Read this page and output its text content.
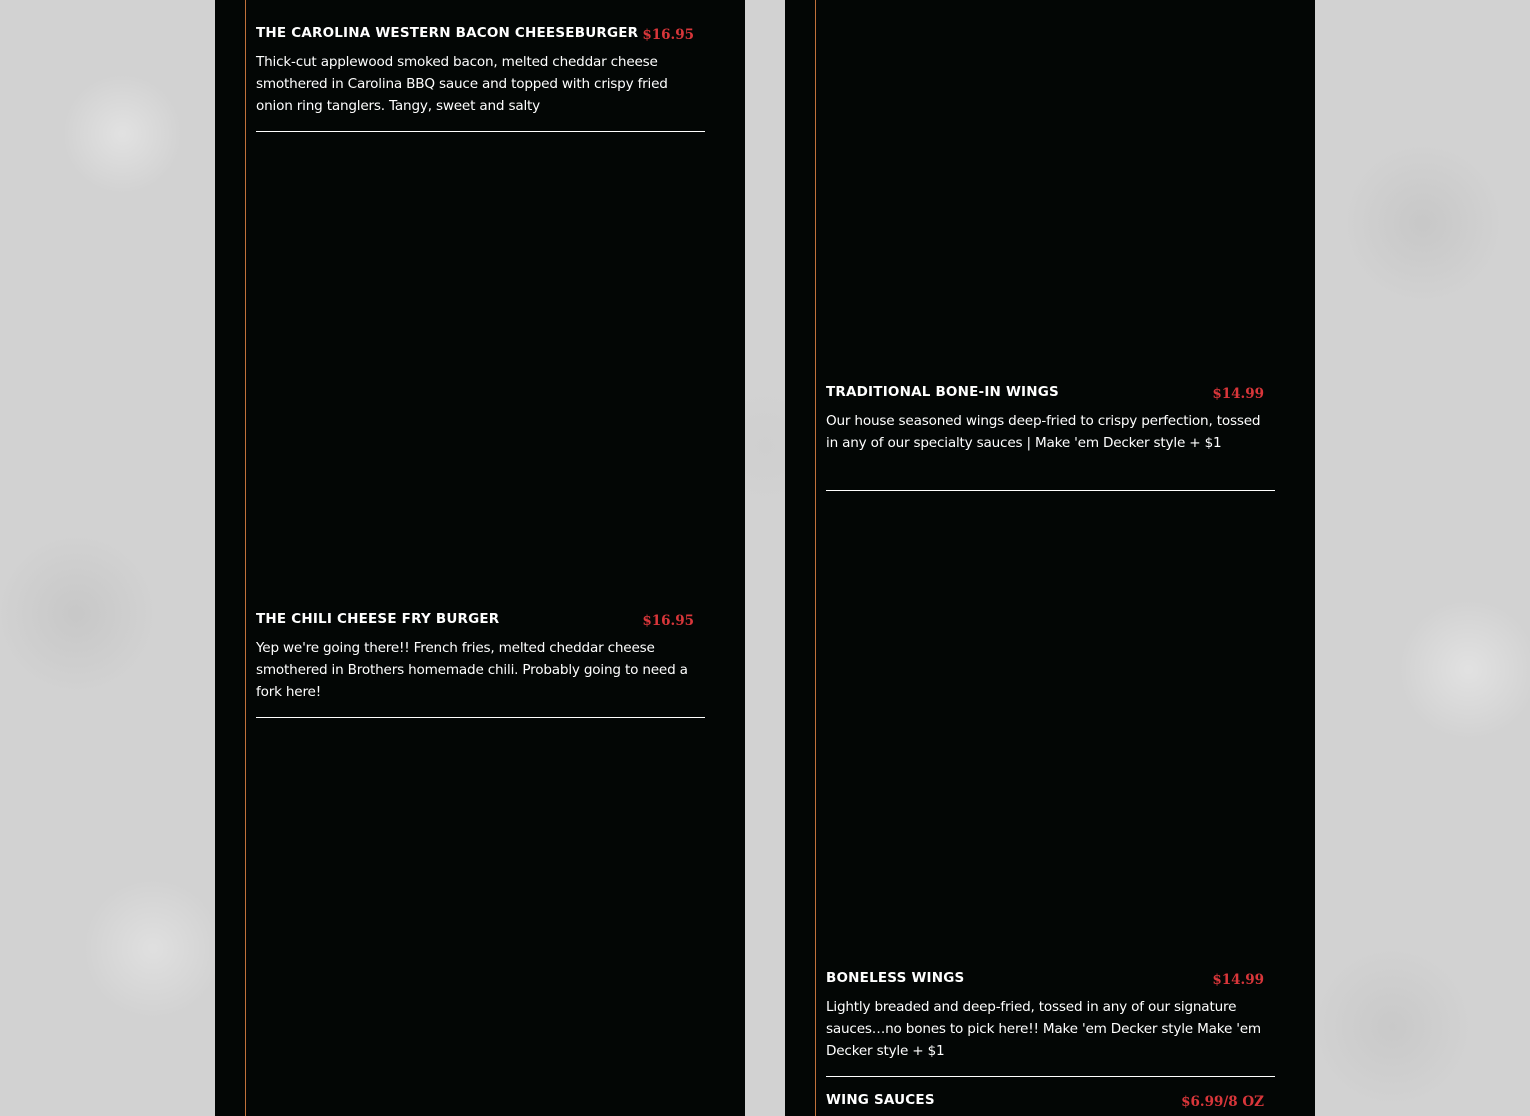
THE CAROLINA WESTERN BACON CHEESEBURGER $16.95
Thick-cut applewood smoked bacon, melted cheddar cheese smothered in Carolina BBQ sauce and topped with crispy fried onion ring tanglers. Tangy, sweet and salty
THE CHILI CHEESE FRY BURGER	$16.95
Yep we're going there!! French fries, melted cheddar cheese smothered in Brothers homemade chili. Probably going to need a fork here!
TRADITIONAL BONE-IN WINGS	$14.99
Our house seasoned wings deep-fried to crispy perfection, tossed in any of our specialty sauces | Make 'em Decker style + $1
BONELESS WINGS	$14.99
Lightly breaded and deep-fried, tossed in any of our signature sauces…no bones to pick here!! Make 'em Decker style Make 'em Decker style + $1
WING SAUCES	$6.99/8 OZ
